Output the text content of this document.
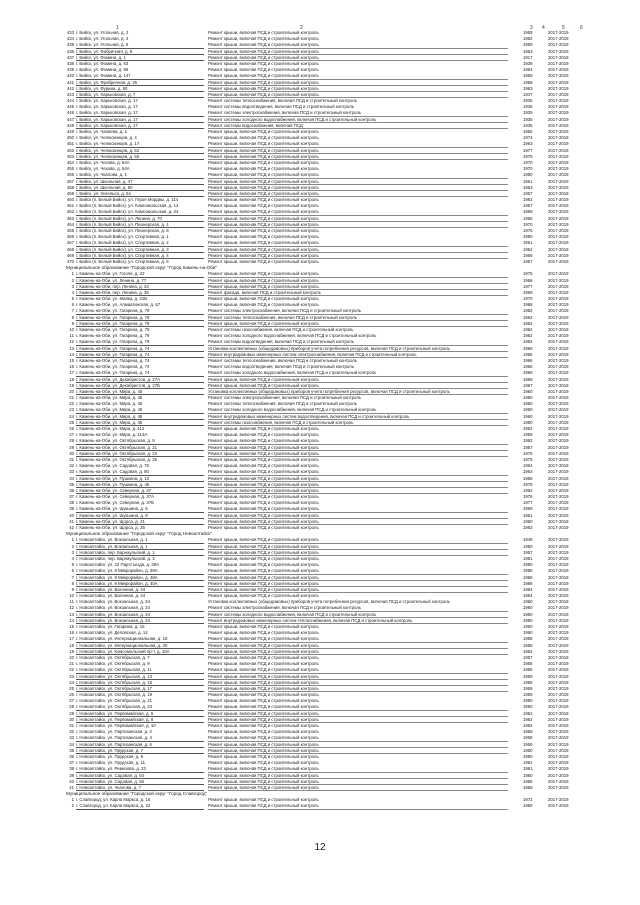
1	2	3 4	5	6
433 г. Бийск, ул. Угольная, д. 2	Ремонт крыши, включая ПСД и строительный контроль	1959	2017-2019
434 г. Бийск, ул. Угольная, д. 4	Ремонт крыши, включая ПСД и строительный контроль	1962	2017-2019
435 г. Бийск, ул. Угольная, д. 6	Ремонт крыши, включая ПСД и строительный контроль	1959	2017-2019
436 г. Бийск, ул. Фабричная, д. 9	Ремонт крыши, включая ПСД и строительный контроль	1963	2017-2019
437 г. Бийск, ул. Фомина, д. 1	Ремонт крыши, включая ПСД и строительный контроль	1917	2017-2019
438 г. Бийск, ул. Фомина, д. 63	Ремонт крыши, включая ПСД и строительный контроль	1938	2017-2019
439 г. Бийск, ул. Фомина, д. 86	Ремонт крыши, включая ПСД и строительный контроль	1964	2017-2019
440 г. Бийск, ул. Фомина, д. 147	Ремонт крыши, включая ПСД и строительный контроль	1959	2017-2019
441 г. Бийск, ул. Фрабричная, д. 25	Ремонт крыши, включая ПСД и строительный контроль	1958	2017-2019
442 г. Бийск, ул. Фурина, д. 80	Ремонт крыши, включая ПСД и строительный контроль	1963	2017-2019
443 г. Бийск, ул. Харьковская, д. 7	Ремонт крыши, включая ПСД и строительный контроль	1947	2017-2019
444 г. Бийск, ул. Харьковская, д. 17	Ремонт системы теплоснабжения, включая ПСД и строительный контроль	1935	2017-2019
445 г. Бийск, ул. Харьковская, д. 17	Ремонт системы водоотведения, включая ПСД и строительный контроль	1935	2017-2019
446 г. Бийск, ул. Харьковская, д. 17	Ремонт системы электроснабжения, включая ПСД и строительный контроль	1935	2017-2019
447 г. Бийск, ул. Харьковская, д. 17	Ремонт системы холодного водоснабжения, включая ПСД и строительный контроль	1935	2017-2019
448 г. Бийск, ул. Харьковская, д. 17	Ремонт системы водоснабжения, включая ПСД	1935	2017-2019
449 г. Бийск, ул. Чапаева, д. 1	Ремонт крыши, включая ПСД и строительный контроль	1956	2017-2019
450 г. Бийск, ул. Челюскинцев, д. 4	Ремонт крыши, включая ПСД и строительный контроль	1974	2017-2019
451 г. Бийск, ул. Челюскинцев, д. 17	Ремонт крыши, включая ПСД и строительный контроль	1963	2017-2019
452 г. Бийск, ул. Челюскинцев, д. 52	Ремонт крыши, включая ПСД и строительный контроль	1977	2017-2019
453 г. Бийск, ул. Челюскинцев, д. 55	Ремонт крыши, включая ПСД и строительный контроль	1979	2017-2019
454 г. Бийск, ул. Чехова, д. 64А	Ремонт крыши, включая ПСД и строительный контроль	1970	2017-2019
455 г. Бийск, ул. Чехова, д. 64А	Ремонт крыши, включая ПСД и строительный контроль	1970	2017-2019
456 г. Бийск, ул. Чкалова, д. 1	Ремонт крыши, включая ПСД и строительный контроль	1950	2017-2019
457 г. Бийск, ул. Школьная, д. 47	Ремонт крыши, включая ПСД и строительный контроль	1961	2017-2019
458 г. Бийск, ул. Школьная, д. 60	Ремонт крыши, включая ПСД и строительный контроль	1963	2017-2019
459 г. Бийск, ул. Энгельса, д. 54	Ремонт крыши, включая ПСД и строительный контроль	1957	2017-2019
460 г. Бийск (п. Белый Бийск), ул. Героя Мордвы, д. 114	Ремонт крыши, включая ПСД и строительный контроль	1962	2017-2019
461 г. Бийск (п. Белый Бийск), ул. Комсомольская, д. 14	Ремонт крыши, включая ПСД и строительный контроль	1967	2017-2019
462 г. Бийск (п. Белый Бийск), ул. Комсомольская, д. 24	Ремонт крыши, включая ПСД и строительный контроль	1968	2017-2019
463 г. Бийск (п. Белый Бийск), ул. Ленина, д. 70	Ремонт крыши, включая ПСД и строительный контроль	1965	2017-2019
464 г. Бийск (п. Белый Бийск), ул. Пионерская, д. 4	Ремонт крыши, включая ПСД и строительный контроль	1970	2017-2019
465 г. Бийск (п. Белый Бийск), ул. Пионерская, д. 8	Ремонт крыши, включая ПСД и строительный контроль	1976	2017-2019
466 г. Бийск (п. Белый Бийск), ул. Спортивная, д. 1	Ремонт крыши, включая ПСД и строительный контроль	1960	2017-2019
467 г. Бийск (п. Белый Бийск), ул. Спортивная, д. 2	Ремонт крыши, включая ПСД и строительный контроль	1961	2017-2019
468 г. Бийск (п. Белый Бийск), ул. Спортивная, д. 3	Ремонт крыши, включая ПСД и строительный контроль	1962	2017-2019
469 г. Бийск (п. Белый Бийск), ул. Спортивная, д. 4	Ремонт крыши, включая ПСД и строительный контроль	1968	2017-2019
470 г. Бийск (п. Белый Бийск), ул. Спортивная, д. 5	Ремонт крыши, включая ПСД и строительный контроль	1967	2017-2019
Муниципальное образование "Городской округ "Город Камень-на-Оби"
1 г. Камень-на-Оби, ул. Гоголя, д. 22	Ремонт крыши, включая ПСД и строительный контроль	1975	2017-2019
2 г. Камень-на-Оби, ул. Ленина, д. 77	Ремонт крыши, включая ПСД и строительный контроль	1968	2017-2019
3 г. Камень-на-Оби, пер. Ленина, д. 34	Ремонт крыши, включая ПСД и строительный контроль	1977	2017-2019
4 г. Камень-на-Оби, пер. Ленина, д. 35	Ремонт фасада, включая ПСД и строительный контроль	1969	2017-2019
5 г. Камень-на-Оби, ул. Маяка, д. 31Б	Ремонт крыши, включая ПСД и строительный контроль	1970	2017-2019
6 г. Камень-на-Оби, ул. Алмаатинская, д. 67	Ремонт крыши, включая ПСД и строительный контроль	1968	2017-2019
7 г. Камень-на-Оби, ул. Гагарина, д. 79	Ремонт системы электроснабжения, включая ПСД и строительный контроль	1962	2017-2019
8 г. Камень-на-Оби, ул. Гагарина, д. 79	Ремонт системы теплоснабжения, включая ПСД и строительный контроль	1962	2017-2019
9 г. Камень-на-Оби, ул. Гагарина, д. 79	Ремонт крыши, включая ПСД и строительный контроль	1962	2017-2019
10 г. Камень-на-Оби, ул. Гагарина, д. 79	Ремонт системы газоснабжения, включая ПСД и строительный контроль	1962	2017-2019
11 г. Камень-на-Оби, ул. Гагарина, д. 79	Ремонт системы холодного водоснабжения, включая ПСД и строительный контроль	1962	2017-2019
12 г. Камень-на-Оби, ул. Гагарина, д. 79	Ремонт системы водоотведения, включая ПСД и строительный контроль	1962	2017-2019
13 г. Камень-на-Оби, ул. Гагарина, д. 74	Установка коллективных (общедомовых) приборов учета потребления ресурсов, включая ПСД и строительный контроль	1966	2017-2019
14 г. Камень-на-Оби, ул. Гагарина, д. 74	Ремонт внутридомовых инженерных систем электроснабжения, включая ПСД и строительный контроль	1966	2017-2019
15 г. Камень-на-Оби, ул. Гагарина, д. 74	Ремонт системы теплоснабжения, включая ПСД и строительный контроль	1966	2017-2019
16 г. Камень-на-Оби, ул. Гагарина, д. 74	Ремонт системы водоотведения, включая ПСД и строительный контроль	1966	2017-2019
17 г. Камень-на-Оби, ул. Гагарина, д. 74	Ремонт системы холодного водоснабжения, включая ПСД и строительный контроль	1966	2017-2019
18 г. Камень-на-Оби, ул. Декабристов, д. 27А	Ремонт крыши, включая ПСД и строительный контроль	1968	2017-2019
19 г. Камень-на-Оби, ул. Декабристов, д. 27Б	Ремонт крыши, включая ПСД и строительный контроль	1967	2017-2019
20 г. Камень-на-Оби, ул. Мира, д. 45	Установка коллективных (общедомовых) приборов учета потребления ресурсов, включая ПСД и строительный контроль	1960	2017-2019
21 г. Камень-на-Оби, ул. Мира, д. 45	Ремонт системы электроснабжения, включая ПСД и строительный контроль	1960	2017-2019
22 г. Камень-на-Оби, ул. Мира, д. 45	Ремонт системы теплоснабжения, включая ПСД и строительный контроль	1960	2017-2019
23 г. Камень-на-Оби, ул. Мира, д. 45	Ремонт системы холодного водоснабжения, включая ПСД и строительный контроль	1960	2017-2019
24 г. Камень-на-Оби, ул. Мира, д. 45	Ремонт внутридомовых инженерных систем водоотведения, включая ПСД и строительный контроль	1960	2017-2019
25 г. Камень-на-Оби, ул. Мира, д. 45	Ремонт системы газоснабжения, включая ПСД и строительный контроль	1960	2017-2019
26 г. Камень-на-Оби, ул. Мира, д. 112	Ремонт крыши, включая ПСД и строительный контроль	1962	2017-2019
27 г. Камень-на-Оби, ул. Мира, д. 113А	Ремонт крыши, включая ПСД и строительный контроль	1959	2017-2019
28 г. Камень-на-Оби, ул. Октябрьская, д. 9	Ремонт крыши, включая ПСД и строительный контроль	1962	2017-2019
29 г. Камень-на-Оби, ул. Октябрьская, д. 21	Ремонт крыши, включая ПСД и строительный контроль	1957	2017-2019
30 г. Камень-на-Оби, ул. Октябрьская, д. 23	Ремонт крыши, включая ПСД и строительный контроль	1975	2017-2019
31 г. Камень-на-Оби, ул. Октябрьская, д. 25	Ремонт крыши, включая ПСД и строительный контроль	1975	2017-2019
32 г. Камень-на-Оби, ул. Садовая, д. 78	Ремонт крыши, включая ПСД и строительный контроль	1964	2017-2019
33 г. Камень-на-Оби, ул. Садовая, д. 80	Ремонт крыши, включая ПСД и строительный контроль	1963	2017-2019
34 г. Камень-на-Оби, ул. Пушкина, д. 10	Ремонт крыши, включая ПСД и строительный контроль	1968	2017-2019
35 г. Камень-на-Оби, ул. Пушкина, д. 46	Ремонт крыши, включая ПСД и строительный контроль	1978	2017-2019
36 г. Камень-на-Оби, ул. Северная, д. 37	Ремонт крыши, включая ПСД и строительный контроль	1962	2017-2019
37 г. Камень-на-Оби, ул. Северная, д. 37А	Ремонт крыши, включая ПСД и строительный контроль	1978	2017-2019
38 г. Камень-на-Оби, ул. Северная, д. 37Б	Ремонт крыши, включая ПСД и строительный контроль	1977	2017-2019
39 г. Камень-на-Оби, ул. Шукшина, д. 6	Ремонт крыши, включая ПСД и строительный контроль	1969	2017-2019
40 г. Камень-на-Оби, ул. Шукшина, д. 8	Ремонт крыши, включая ПСД и строительный контроль	1961	2017-2019
41 г. Камень-на-Оби, ул. Щорса, д. 21	Ремонт крыши, включая ПСД и строительный контроль	1960	2017-2019
42 г. Камень-на-Оби, ул. Щорса, д. 25	Ремонт крыши, включая ПСД и строительный контроль	1963	2017-2019
Муниципальное образование "Городской округ "Город Новоалтайск"
1 г. Новоалтайск, ул. Вокзальная, д. 1	Ремонт крыши, включая ПСД и строительный контроль	1949	2017-2019
2 г. Новоалтайск, ул. Вокзальная, д. 1	Ремонт крыши, включая ПСД и строительный контроль	1950	2017-2019
3 г. Новоалтайск, пер. Барнаульский, д. 1	Ремонт крыши, включая ПСД и строительный контроль	1957	2017-2019
4 г. Новоалтайск, пер. Барнаульский, д. 3	Ремонт крыши, включая ПСД и строительный контроль	1961	2017-2019
5 г. Новоалтайск, ул. 22 Партсъезда, д. 28А	Ремонт крыши, включая ПСД и строительный контроль	1960	2017-2019
6 г. Новоалтайск, ул. 8 Микрорайон, д. 39А	Ремонт крыши, включая ПСД и строительный контроль	1985	2017-2019
7 г. Новоалтайск, ул. 8 Микрорайон, д. 48А	Ремонт крыши, включая ПСД и строительный контроль	1968	2017-2019
8 г. Новоалтайск, ул. 8 Микрорайон, д. 40А	Ремонт крыши, включая ПСД и строительный контроль	1988	2017-2019
9 г. Новоалтайск, ул. Вагонная, д. 44	Ремонт крыши, включая ПСД и строительный контроль	1964	2017-2019
10 г. Новоалтайск, ул. Вагонная, д. 44	Ремонт крыши, включая ПСД и строительный контроль	1964	2017-2019
11 г. Новоалтайск, ул. Вокзальная, д. 34	Установка коллективных (общедомовых) приборов учета потребления ресурсов, включая ПСД и строительный контроль	1960	2017-2019
12 г. Новоалтайск, ул. Вокзальная, д. 34	Ремонт системы электроснабжения, включая ПСД и строительный контроль	1960	2017-2019
13 г. Новоалтайск, ул. Вокзальная, д. 34	Ремонт системы холодного водоснабжения, включая ПСД и строительный контроль	1960	2017-2019
14 г. Новоалтайск, ул. Вокзальная, д. 34	Ремонт внутридомовых инженерных систем теплоснабжения, включая ПСД и строительный контроль	1960	2017-2019
15 г. Новоалтайск, ул. Гагарина, д. 15	Ремонт крыши, включая ПСД и строительный контроль	1960	2017-2019
16 г. Новоалтайск, ул. Деповская, д. 14	Ремонт крыши, включая ПСД и строительный контроль	1960	2017-2019
17 г. Новоалтайск, ул. Интернациональная, д. 18	Ремонт крыши, включая ПСД и строительный контроль	1958	2017-2019
18 г. Новоалтайск, ул. Интернациональная, д. 20	Ремонт крыши, включая ПСД и строительный контроль	1958	2017-2019
19 г. Новоалтайск, ул. Комсомольский пр-т, д. 10А	Ремонт крыши, включая ПСД и строительный контроль	1962	2017-2019
20 г. Новоалтайск, ул. Октябрьская, д. 7	Ремонт крыши, включая ПСД и строительный контроль	1957	2017-2019
21 г. Новоалтайск, ул. Октябрьская, д. 9	Ремонт крыши, включая ПСД и строительный контроль	1958	2017-2019
22 г. Новоалтайск, ул. Октябрьская, д. 11	Ремонт крыши, включая ПСД и строительный контроль	1958	2017-2019
23 г. Новоалтайск, ул. Октябрьская, д. 13	Ремонт крыши, включая ПСД и строительный контроль	1959	2017-2019
24 г. Новоалтайск, ул. Октябрьская, д. 15	Ремонт крыши, включая ПСД и строительный контроль	1958	2017-2019
25 г. Новоалтайск, ул. Октябрьская, д. 17	Ремонт крыши, включая ПСД и строительный контроль	1959	2017-2019
26 г. Новоалтайск, ул. Октябрьская, д. 19	Ремонт крыши, включая ПСД и строительный контроль	1959	2017-2019
27 г. Новоалтайск, ул. Октябрьская, д. 21	Ремонт крыши, включая ПСД и строительный контроль	1960	2017-2019
28 г. Новоалтайск, ул. Октябрьская, д. 23	Ремонт крыши, включая ПСД и строительный контроль	1960	2017-2019
29 г. Новоалтайск, ул. Первомайская, д. 6	Ремонт крыши, включая ПСД и строительный контроль	1961	2017-2019
30 г. Новоалтайск, ул. Первомайская, д. 8	Ремонт крыши, включая ПСД и строительный контроль	1962	2017-2019
31 г. Новоалтайск, ул. Первомайская, д. 10	Ремонт крыши, включая ПСД и строительный контроль	1962	2017-2019
32 г. Новоалтайск, ул. Партизанская, д. 2	Ремонт крыши, включая ПСД и строительный контроль	1958	2017-2019
33 г. Новоалтайск, ул. Партизанская, д. 4	Ремонт крыши, включая ПСД и строительный контроль	1958	2017-2019
34 г. Новоалтайск, ул. Партизанская, д. 6	Ремонт крыши, включая ПСД и строительный контроль	1959	2017-2019
35 г. Новоалтайск, ул. Прудская, д. 7	Ремонт крыши, включая ПСД и строительный контроль	1960	2017-2019
36 г. Новоалтайск, ул. Прудская, д. 9	Ремонт крыши, включая ПСД и строительный контроль	1960	2017-2019
37 г. Новоалтайск, ул. Прудская, д. 11	Ремонт крыши, включая ПСД и строительный контроль	1961	2017-2019
38 г. Новоалтайск, ул. Ремизова, д. 23	Ремонт крыши, включая ПСД и строительный контроль	1961	2017-2019
39 г. Новоалтайск, ул. Садовая, д. 54	Ремонт крыши, включая ПСД и строительный контроль	1960	2017-2019
40 г. Новоалтайск, ул. Садовая, д. 56	Ремонт крыши, включая ПСД и строительный контроль	1958	2017-2019
41 г. Новоалтайск, ул. Чкалова, д. 7	Ремонт крыши, включая ПСД и строительный контроль	1958	2017-2019
Муниципальное образование "Городской округ "Город Славгород"
1 г. Славгород, ул. Карла Маркса, д. 16	Ремонт крыши, включая ПСД и строительный контроль	1972	2017-2019
2 г. Славгород, ул. Карла Маркса, д. 22	Ремонт крыши, включая ПСД и строительный контроль	1960	2017-2019
12
